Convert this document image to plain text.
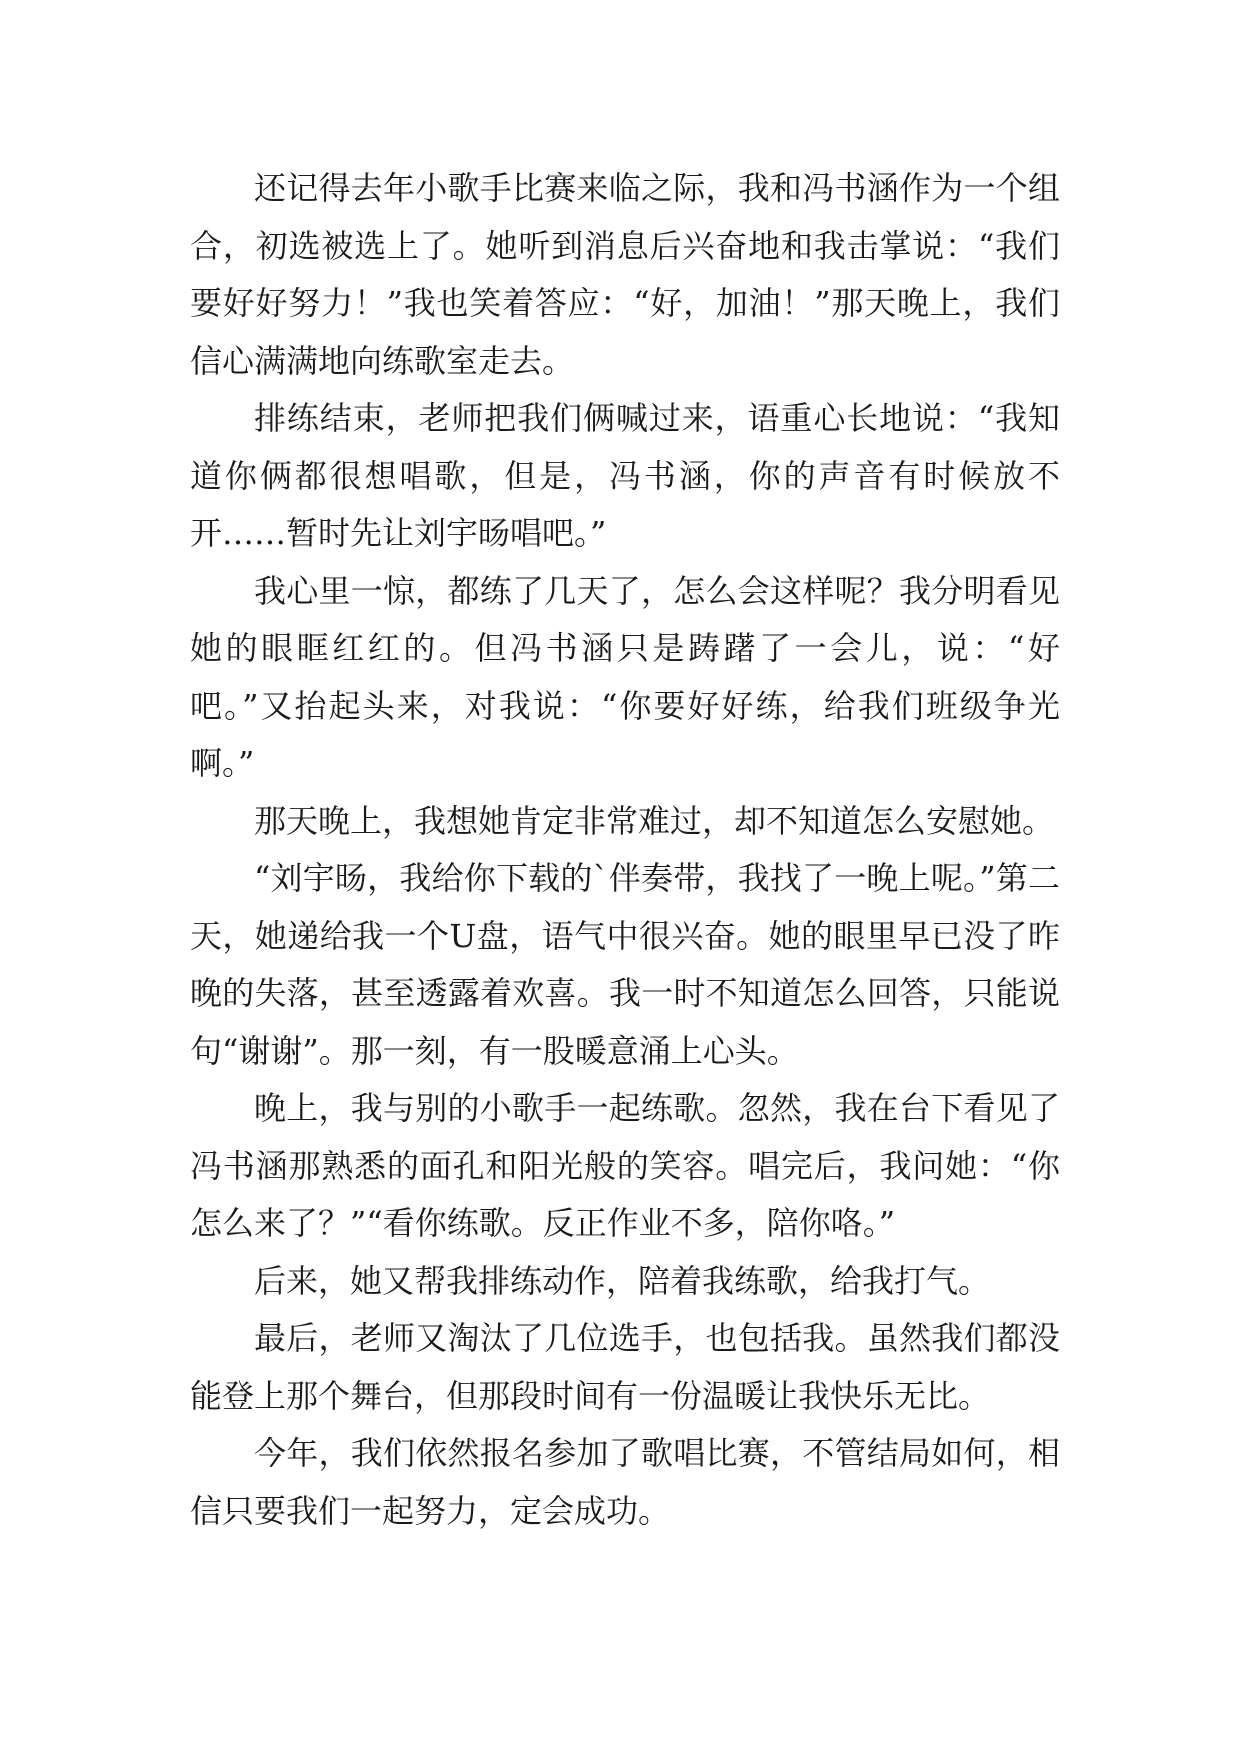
还记得去年小歌手比赛来临之际，我和冯书涵作为一个组合，初选被选上了。她听到消息后兴奋地和我击掌说：“我们要好好努力！”我也笑着答应：“好，加油！”那天晚上，我们信心满满地向练歌室走去。

排练结束，老师把我们俩喊过来，语重心长地说：“我知道你俩都很想唱歌，但是，冯书涵，你的声音有时候放不开……暂时先让刘宇旸唱吧。”

我心里一惊，都练了几天了，怎么会这样呢？我分明看见她的眼眶红红的。但冯书涵只是踌躇了一会儿，说：“好吧。”又抬起头来，对我说：“你要好好练，给我们班级争光啊。”

那天晚上，我想她肯定非常难过，却不知道怎么安慰她。

“刘宇旸，我给你下载的`伴奏带，我找了一晚上呢。”第二天，她递给我一个U盘，语气中很兴奋。她的眼里早已没了昨晚的失落，甚至透露着欢喜。我一时不知道怎么回答，只能说句“谢谢”。那一刻，有一股暖意涌上心头。

晚上，我与别的小歌手一起练歌。忽然，我在台下看见了冯书涵那熟悉的面孔和阳光般的笑容。唱完后，我问她：“你怎么来了？”“看你练歌。反正作业不多，陪你咯。”

后来，她又帮我排练动作，陪着我练歌，给我打气。

最后，老师又淘汰了几位选手，也包括我。虽然我们都没能登上那个舞台，但那段时间有一份温暖让我快乐无比。

今年，我们依然报名参加了歌唱比赛，不管结局如何，相信只要我们一起努力，定会成功。
